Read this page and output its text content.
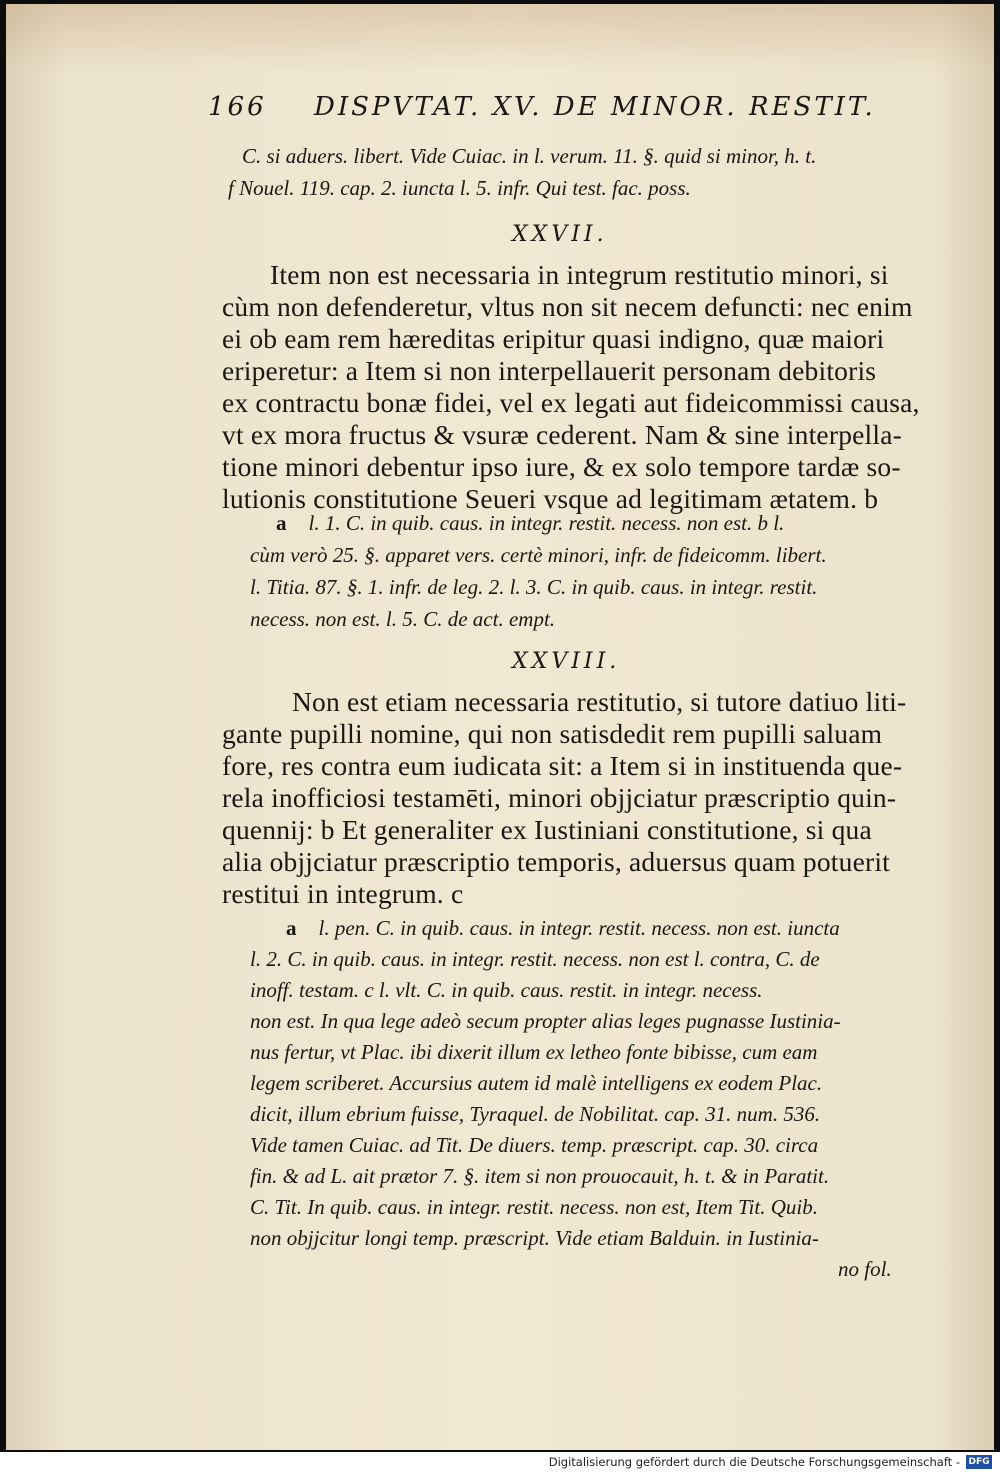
166 DISPVTAT. XV. DE MINOR. RESTIT.

C. si aduers. libert. Vide Cuiac. in l. verum. 11. §. quid si minor, h. t.

f Nouel. 119. cap. 2. iuncta l. 5. infr. Qui test. fac. poss.

XXVII.

Item non est necessaria in integrum restitutio minori, si

cùm non defenderetur, vltus non sit necem defuncti: nec enim

ei ob eam rem hæreditas eripitur quasi indigno, quæ maiori

eriperetur: a Item si non interpellauerit personam debitoris

ex contractu bonæ fidei, vel ex legati aut fideicommissi causa,

vt ex mora fructus & vsuræ cederent. Nam & sine interpella-

tione minori debentur ipso iure, & ex solo tempore tardæ so-

lutionis constitutione Seueri vsque ad legitimam ætatem. b

a l. 1. C. in quib. caus. in integr. restit. necess. non est. b l.

cùm verò 25. §. apparet vers. certè minori, infr. de fideicomm. libert.

l. Titia. 87. §. 1. infr. de leg. 2. l. 3. C. in quib. caus. in integr. restit.

necess. non est. l. 5. C. de act. empt.

XXVIII.

Non est etiam necessaria restitutio, si tutore datiuo liti-

gante pupilli nomine, qui non satisdedit rem pupilli saluam

fore, res contra eum iudicata sit: a Item si in instituenda que-

rela inofficiosi testamēti, minori objjciatur præscriptio quin-

quennij: b Et generaliter ex Iustiniani constitutione, si qua

alia objjciatur præscriptio temporis, aduersus quam potuerit

restitui in integrum. c

a l. pen. C. in quib. caus. in integr. restit. necess. non est. iuncta

l. 2. C. in quib. caus. in integr. restit. necess. non est l. contra, C. de

inoff. testam. c l. vlt. C. in quib. caus. restit. in integr. necess.

non est. In qua lege adeò secum propter alias leges pugnasse Iustinia-

nus fertur, vt Plac. ibi dixerit illum ex letheo fonte bibisse, cum eam

legem scriberet. Accursius autem id malè intelligens ex eodem Plac.

dicit, illum ebrium fuisse, Tyraquel. de Nobilitat. cap. 31. num. 536.

Vide tamen Cuiac. ad Tit. De diuers. temp. præscript. cap. 30. circa

fin. & ad L. ait prætor 7. §. item si non prouocauit, h. t. & in Paratit.

C. Tit. In quib. caus. in integr. restit. necess. non est, Item Tit. Quib.

non objjcitur longi temp. præscript. Vide etiam Balduin. in Iustinia-

no fol.

Digitalisierung gefördert durch die Deutsche Forschungsgemeinschaft - DFG
